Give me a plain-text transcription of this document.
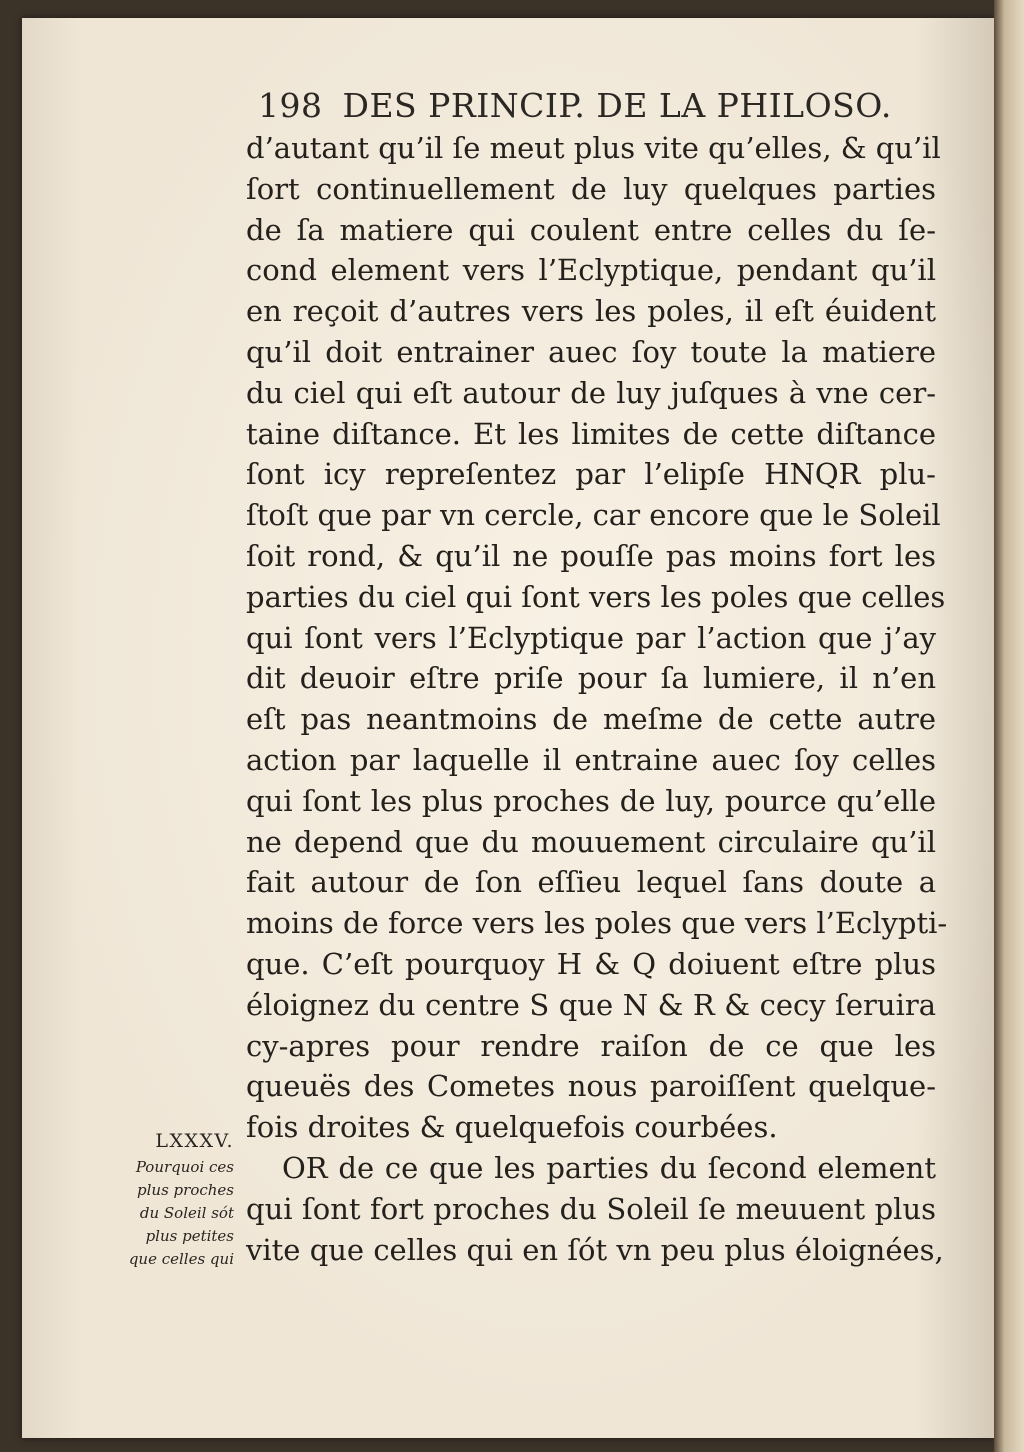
198 DES PRINCIP. DE LA PHILOSO.
d’autant qu’il ſe meut plus vite qu’elles, & qu’il
ſort continuellement de luy quelques parties
de ſa matiere qui coulent entre celles du ſe-
cond element vers l’Eclyptique, pendant qu’il
en reçoit d’autres vers les poles, il eſt éuident
qu’il doit entrainer auec ſoy toute la matiere
du ciel qui eſt autour de luy juſques à vne cer-
taine diſtance. Et les limites de cette diſtance
ſont icy repreſentez par l’elipſe HNQR plu-
ſtoſt que par vn cercle, car encore que le Soleil
ſoit rond, & qu’il ne pouſſe pas moins fort les
parties du ciel qui ſont vers les poles que celles
qui ſont vers l’Eclyptique par l’action que j’ay
dit deuoir eſtre priſe pour ſa lumiere, il n’en
eſt pas neantmoins de meſme de cette autre
action par laquelle il entraine auec ſoy celles
qui ſont les plus proches de luy, pource qu’elle
ne depend que du mouuement circulaire qu’il
fait autour de ſon eſſieu lequel ſans doute a
moins de force vers les poles que vers l’Eclypti-
que. C’eſt pourquoy H & Q doiuent eſtre plus
éloignez du centre S que N & R & cecy ſeruira
cy-apres pour rendre raiſon de ce que les
queuës des Cometes nous paroiſſent quelque-
fois droites & quelquefois courbées.
OR de ce que les parties du ſecond element
qui ſont fort proches du Soleil ſe meuuent plus
vite que celles qui en ſót vn peu plus éloignées,
LXXXV.
Pourquoi ces
plus proches
du Soleil sót
plus petites
que celles qui
